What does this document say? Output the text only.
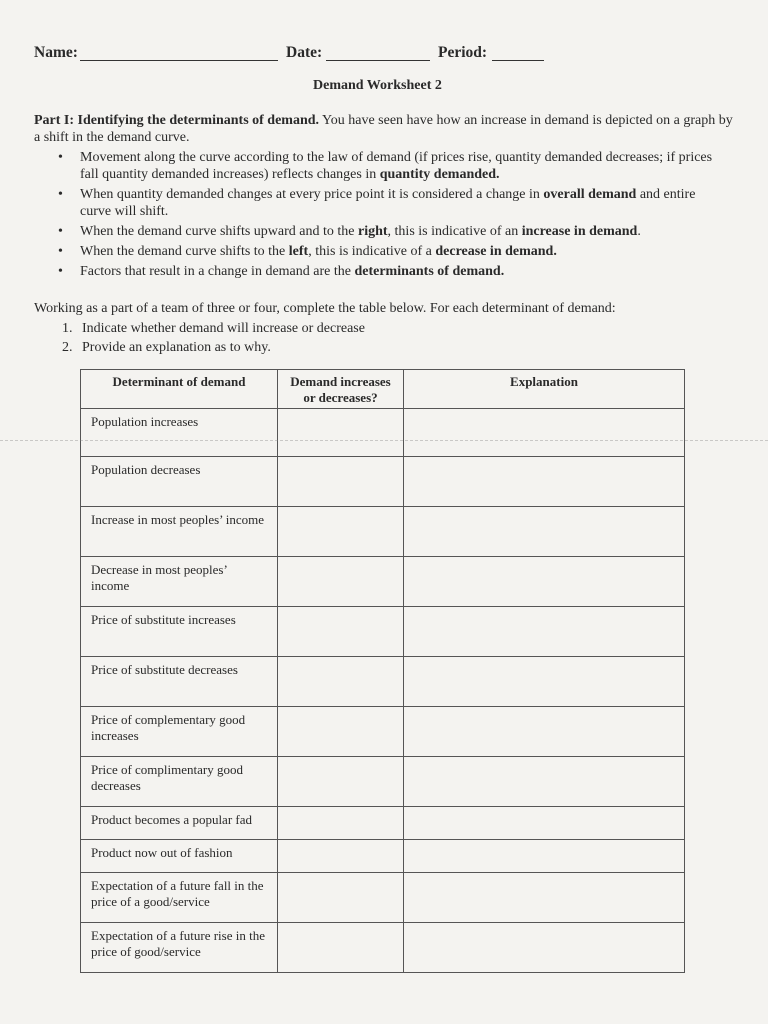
Name:	Date:	Period:
Demand Worksheet 2
Part I: Identifying the determinants of demand. You have seen have how an increase in demand is depicted on a graph by a shift in the demand curve.
• Movement along the curve according to the law of demand (if prices rise, quantity demanded decreases; if prices fall quantity demanded increases) reflects changes in quantity demanded.
• When quantity demanded changes at every price point it is considered a change in overall demand and entire curve will shift.
• When the demand curve shifts upward and to the right, this is indicative of an increase in demand.
• When the demand curve shifts to the left, this is indicative of a decrease in demand.
• Factors that result in a change in demand are the determinants of demand.
Working as a part of a team of three or four, complete the table below. For each determinant of demand:
1. Indicate whether demand will increase or decrease
2. Provide an explanation as to why.
Determinant of demand	Demand increases or decreases?	Explanation
Population increases		
Population decreases		
Increase in most peoples’ income		
Decrease in most peoples’ income		
Price of substitute increases		
Price of substitute decreases		
Price of complementary good increases		
Price of complimentary good decreases		
Product becomes a popular fad		
Product now out of fashion		
Expectation of a future fall in the price of a good/service		
Expectation of a future rise in the price of good/service		
